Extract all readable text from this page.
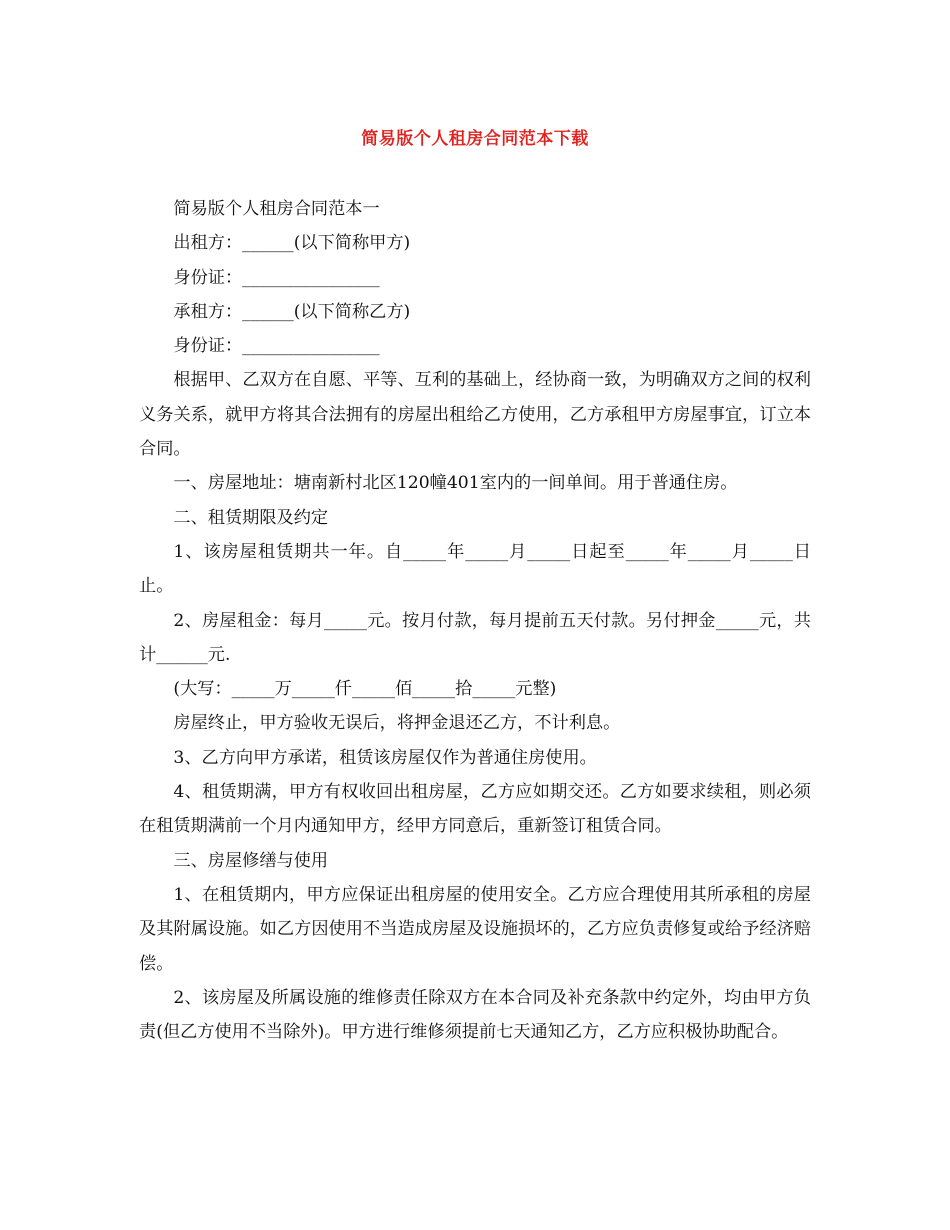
简易版个人租房合同范本下载

简易版个人租房合同范本一

出租方：______(以下简称甲方)

身份证：________________

承租方：______(以下简称乙方)

身份证：________________

根据甲、乙双方在自愿、平等、互利的基础上，经协商一致，为明确双方之间的权利义务关系，就甲方将其合法拥有的房屋出租给乙方使用，乙方承租甲方房屋事宜，订立本合同。

一、房屋地址：塘南新村北区120幢401室内的一间单间。用于普通住房。

二、租赁期限及约定

1、该房屋租赁期共一年。自_____年_____月_____日起至_____年_____月_____日止。

2、房屋租金：每月_____元。按月付款，每月提前五天付款。另付押金_____元，共计______元.

(大写：_____万_____仟_____佰_____拾_____元整)

房屋终止，甲方验收无误后，将押金退还乙方，不计利息。

3、乙方向甲方承诺，租赁该房屋仅作为普通住房使用。

4、租赁期满，甲方有权收回出租房屋，乙方应如期交还。乙方如要求续租，则必须在租赁期满前一个月内通知甲方，经甲方同意后，重新签订租赁合同。

三、房屋修缮与使用

1、在租赁期内，甲方应保证出租房屋的使用安全。乙方应合理使用其所承租的房屋及其附属设施。如乙方因使用不当造成房屋及设施损坏的，乙方应负责修复或给予经济赔偿。

2、该房屋及所属设施的维修责任除双方在本合同及补充条款中约定外，均由甲方负责(但乙方使用不当除外)。甲方进行维修须提前七天通知乙方，乙方应积极协助配合。
